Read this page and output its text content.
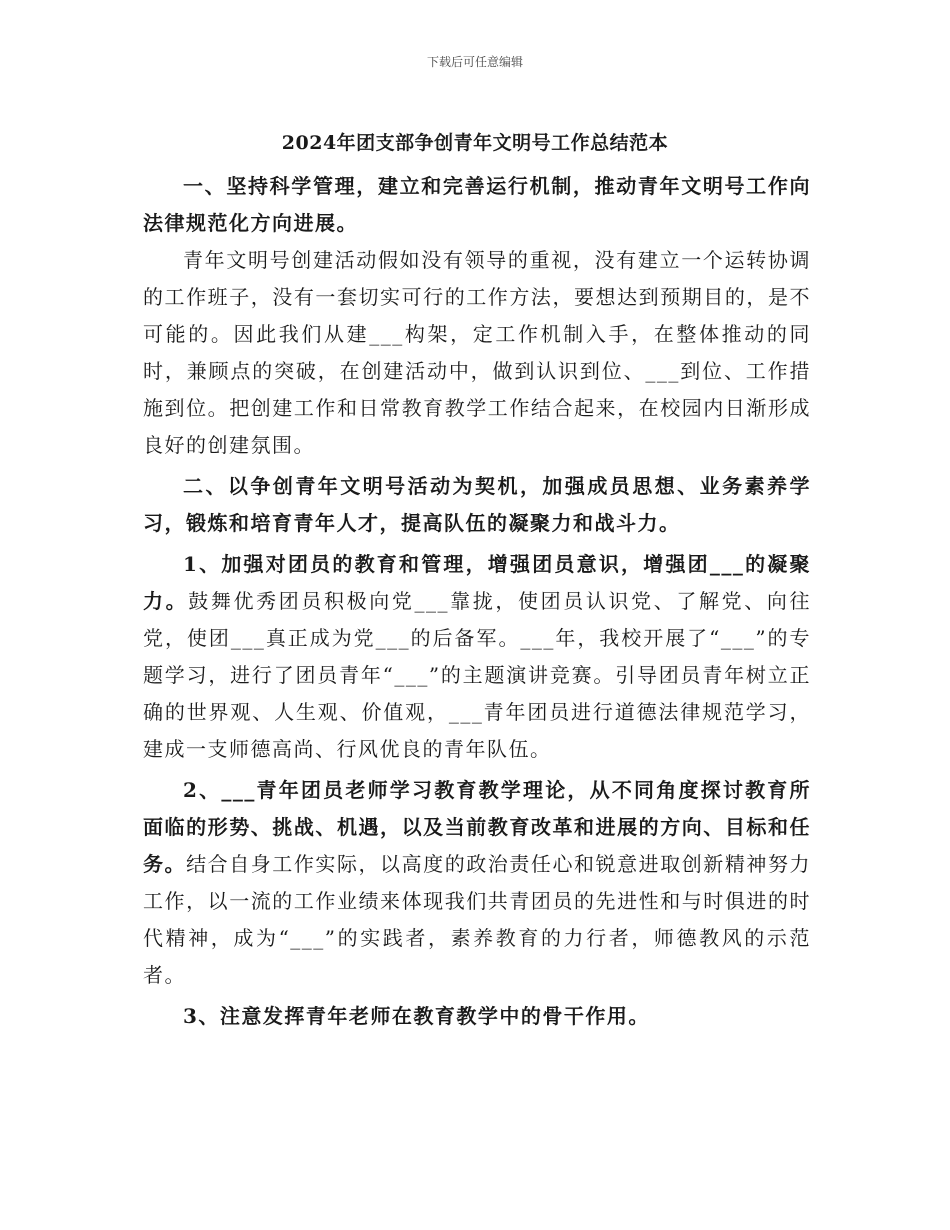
下载后可任意编辑
2024年团支部争创青年文明号工作总结范本

一、坚持科学管理，建立和完善运行机制，推动青年文明号工作向法律规范化方向进展。

青年文明号创建活动假如没有领导的重视，没有建立一个运转协调的工作班子，没有一套切实可行的工作方法，要想达到预期目的，是不可能的。因此我们从建___构架，定工作机制入手，在整体推动的同时，兼顾点的突破，在创建活动中，做到认识到位、___到位、工作措施到位。把创建工作和日常教育教学工作结合起来，在校园内日渐形成良好的创建氛围。

二、以争创青年文明号活动为契机，加强成员思想、业务素养学习，锻炼和培育青年人才，提高队伍的凝聚力和战斗力。

1、加强对团员的教育和管理，增强团员意识，增强团___的凝聚力。鼓舞优秀团员积极向党___靠拢，使团员认识党、了解党、向往党，使团___真正成为党___的后备军。___年，我校开展了“___”的专题学习，进行了团员青年“___”的主题演讲竞赛。引导团员青年树立正确的世界观、人生观、价值观，___青年团员进行道德法律规范学习，建成一支师德高尚、行风优良的青年队伍。

2、___青年团员老师学习教育教学理论，从不同角度探讨教育所面临的形势、挑战、机遇，以及当前教育改革和进展的方向、目标和任务。结合自身工作实际，以高度的政治责任心和锐意进取创新精神努力工作，以一流的工作业绩来体现我们共青团员的先进性和与时俱进的时代精神，成为“___”的实践者，素养教育的力行者，师德教风的示范者。

3、注意发挥青年老师在教育教学中的骨干作用。
